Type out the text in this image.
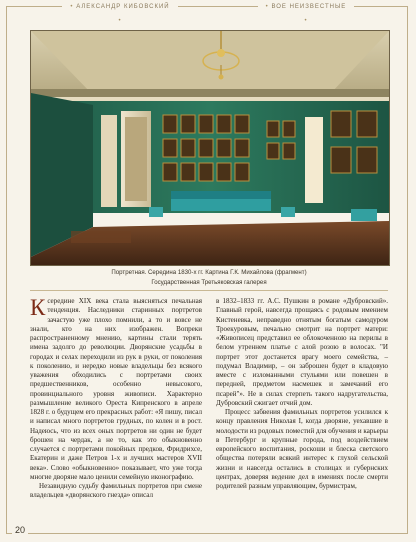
• АЛЕКСАНДР КИБОВСКИЙ •
• ВОЕ НЕИЗВЕСТНЫЕ •
Портретная. Середина 1830-х гг. Картина Г.К. Михайлова (фрагмент)
Государственная Третьяковская галерея

Ксередине XIX века стала выясняться печальная тенденция. Наследники старинных портретов зачастую уже плохо помнили, а то и вовсе не знали, кто на них изображен. Вопреки распространенному мнению, картины стали терять имена задолго до революции. Дворянские усадьбы в городах и селах переходили из рук в руки, от поколения к поколению, и нередко новые владельцы без всякого уважения обходились с портретами своих предшественников, особенно невысокого, провинциального уровня живописи. Характерно размышление великого Ореста Кипренского в апреле 1828 г. о будущем его прекрасных работ: «Я пишу, писал и написал много портретов грудных, по колен и в рост. Надеюсь, что из всех оных портретов ни один не будет брошен на чердак, а не то, как это обыкновенно случается с портретами покойных предков, Фридрихсе, Екатерин и даже Петров 1-х и лучших мастеров XVII века». Слово «обыкновенно» показывает, что уже тогда многие дворяне мало ценили семейную иконографию.

Незавидную судьбу фамильных портретов при смене владельцев «дворянского гнезда» описал

в 1832–1833 гг. А.С. Пушкин в романе «Дубровский». Главный герой, навсегда прощаясь с родовым имением Кистеневка, неправедно отнятым богатым самодуром Троекуровым, печально смотрит на портрет матери: «Живописец представил ее облокоченною на перилы в белом утреннем платье с алой розою в волосах. "И портрет этот достанется врагу моего семейства, – подумал Владимир, – он заброшен будет в кладовую вместе с изломанными стульями или повешен в передней, предметом насмешек и замечаний его псарей"». Не в силах стерпеть такого надругательства, Дубровский сжигает отчий дом.

Процесс забвения фамильных портретов усилился к концу правления Николая I, когда дворяне, уехавшие в молодости из родовых поместий для обучения и карьеры в Петербург и крупные города, под воздействием европейского воспитания, роскоши и блеска светского общества потеряли всякий интерес к глухой сельской жизни и навсегда остались в столицах и губернских центрах, доверяя ведение дел в имениях после смерти родителей разным управляющим, бурмистрам,

20
